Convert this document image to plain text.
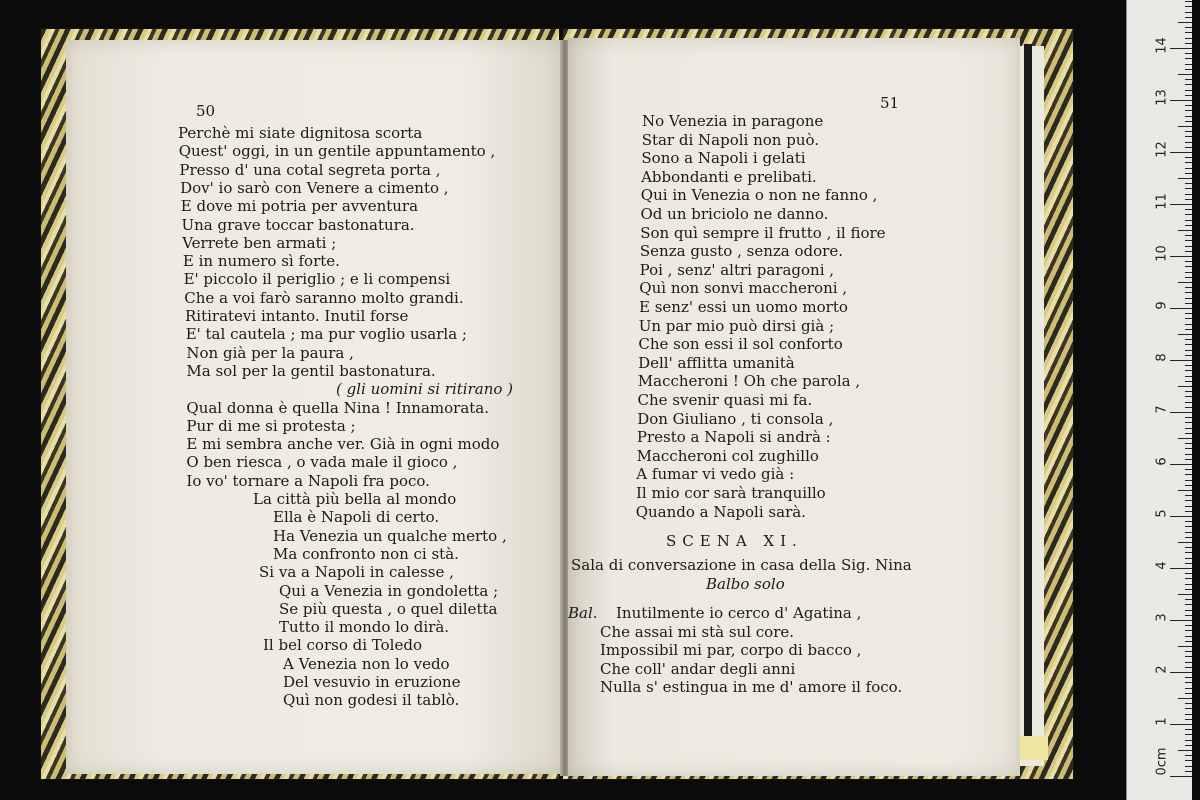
50
Perchè mi siate dignitosa scorta
Quest' oggi, in un gentile appuntamento ,
Presso d' una cotal segreta porta ,
Dov' io sarò con Venere a cimento ,
E dove mi potria per avventura
Una grave toccar bastonatura.
Verrete ben armati ;
E in numero sì forte.
E' piccolo il periglio ; e li compensi
Che a voi farò saranno molto grandi.
Ritiratevi intanto. Inutil forse
E' tal cautela ; ma pur voglio usarla ;
Non già per la paura ,
Ma sol per la gentil bastonatura.
( gli uomini si ritirano )
Qual donna è quella Nina ! Innamorata.
Pur di me si protesta ;
E mi sembra anche ver. Già in ogni modo
O ben riesca , o vada male il gioco ,
Io vo' tornare a Napoli fra poco.
La città più bella al mondo
Ella è Napoli di certo.
Ha Venezia un qualche merto ,
Ma confronto non ci stà.
Si va a Napoli in calesse ,
Qui a Venezia in gondoletta ;
Se più questa , o quel diletta
Tutto il mondo lo dirà.
Il bel corso di Toledo
A Venezia non lo vedo
Del vesuvio in eruzione
Quì non godesi il tablò.
51
No Venezia in paragone
Star di Napoli non può.
Sono a Napoli i gelati
Abbondanti e prelibati.
Qui in Venezia o non ne fanno ,
Od un briciolo ne danno.
Son quì sempre il frutto , il fiore
Senza gusto , senza odore.
Poi , senz' altri paragoni ,
Quì non sonvi maccheroni ,
E senz' essi un uomo morto
Un par mio può dirsi già ;
Che son essi il sol conforto
Dell' afflitta umanità
Maccheroni ! Oh che parola ,
Che svenir quasi mi fa.
Don Giuliano , ti consola ,
Presto a Napoli si andrà :
Maccheroni col zughillo
A fumar vi vedo già :
Il mio cor sarà tranquillo
Quando a Napoli sarà.
SCENA XI.
Sala di conversazione in casa della Sig. Nina
Balbo solo
Bal. Inutilmente io cerco d' Agatina ,
Che assai mi stà sul core.
Impossibil mi par, corpo di bacco ,
Che coll' andar degli anni
Nulla s' estingua in me d' amore il foco.
0cm
1
2
3
4
5
6
7
8
9
10
11
12
13
14
